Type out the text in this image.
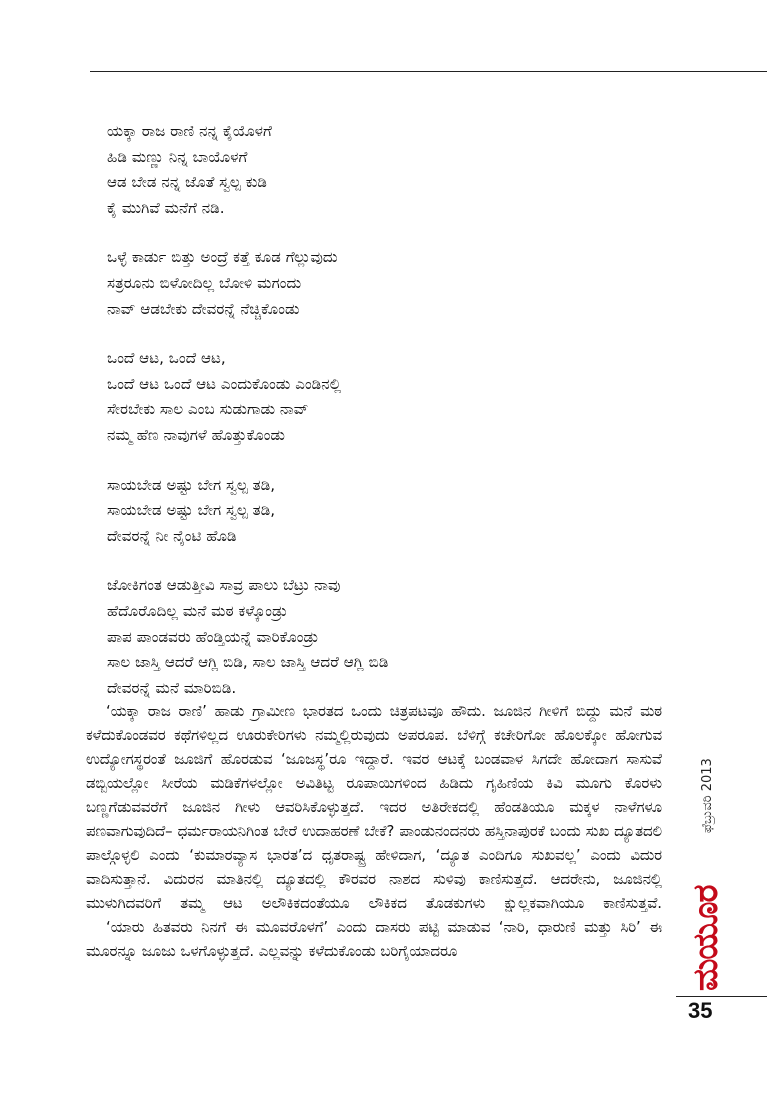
ಯಕ್ಕಾ ರಾಜ ರಾಣಿ ನನ್ನ ಕೈಯೊಳಗೆ
ಹಿಡಿ ಮಣ್ಣು ನಿನ್ನ ಬಾಯೊಳಗೆ
ಆಡ ಬೇಡ ನನ್ನ ಜೊತೆ ಸ್ವಲ್ಪ ಕುಡಿ
ಕೈ ಮುಗಿವೆ ಮನೆಗೆ ನಡಿ.
ಒಳ್ಳೆ ಕಾರ್ಡು ಬಿತ್ತು ಅಂದ್ರೆ ಕತ್ತೆ ಕೂಡ ಗೆಲ್ಲುವುದು
ಸತ್ರರೂನು ಬಿಳೋದಿಲ್ಲ ಬೋಳಿ ಮಗಂದು
ನಾವ್ ಆಡಬೇಕು ದೇವರನ್ನೆ ನೆಚ್ಚಿಕೊಂಡು
ಒಂದೆ ಆಟ, ಒಂದೆ ಆಟ,
ಒಂದೆ ಆಟ ಒಂದೆ ಆಟ ಎಂದುಕೊಂಡು ಎಂಡಿನಲ್ಲಿ
ಸೇರಬೇಕು ಸಾಲ ಎಂಬ ಸುಡುಗಾಡು ನಾವ್
ನಮ್ಮ ಹೆಣ ನಾವುಗಳೆ ಹೊತ್ತುಕೊಂಡು
ಸಾಯಬೇಡ ಅಷ್ಟು ಬೇಗ ಸ್ವಲ್ಪ ತಡಿ,
ಸಾಯಬೇಡ ಅಷ್ಟು ಬೇಗ ಸ್ವಲ್ಪ ತಡಿ,
ದೇವರನ್ನೆ ನೀ ನೈಂಟಿ ಹೊಡಿ
ಜೋಕಿಗಂತ ಆಡುತ್ತೀವಿ ಸಾವ್ರ ಪಾಲು ಬೆಟ್ರು ನಾವು
ಹೆದೊರೊದಿಲ್ಲ ಮನೆ ಮಠ ಕಳ್ಕೊಂಡ್ರು
ಪಾಪ ಪಾಂಡವರು ಹೆಂಡ್ತಿಯನ್ನೆ ವಾರಿಕೊಂಡ್ರು
ಸಾಲ ಜಾಸ್ತಿ ಆದರೆ ಆಗ್ಲಿ ಬಿಡಿ, ಸಾಲ ಜಾಸ್ತಿ ಆದರೆ ಆಗ್ಲಿ ಬಿಡಿ
ದೇವರನ್ನೆ ಮನೆ ಮಾರಿಬಿಡಿ.

‘ಯಕ್ಕಾ ರಾಜ ರಾಣಿ’ ಹಾಡು ಗ್ರಾಮೀಣ ಭಾರತದ ಒಂದು ಚಿತ್ರಪಟವೂ ಹೌದು. ಜೂಜಿನ ಗೀಳಿಗೆ ಬಿದ್ದು ಮನೆ ಮಠ ಕಳೆದುಕೊಂಡವರ ಕಥೆಗಳಿಲ್ಲದ ಊರುಕೇರಿಗಳು ನಮ್ಮಲ್ಲಿರುವುದು ಅಪರೂಪ. ಬೆಳಿಗ್ಗೆ ಕಚೇರಿಗೋ ಹೊಲಕ್ಕೋ ಹೋಗುವ ಉದ್ಯೋಗಸ್ಥರಂತೆ ಜೂಜಿಗೆ ಹೊರಡುವ ‘ಜೂಜಸ್ಥ’ರೂ ಇದ್ದಾರೆ. ಇವರ ಆಟಕ್ಕೆ ಬಂಡವಾಳ ಸಿಗದೇ ಹೋದಾಗ ಸಾಸುವೆ ಡಬ್ಬಿಯಲ್ಲೋ ಸೀರೆಯ ಮಡಿಕೆಗಳಲ್ಲೋ ಅವಿತಿಟ್ಟ ರೂಪಾಯಿಗಳಿಂದ ಹಿಡಿದು ಗೃಹಿಣಿಯ ಕಿವಿ ಮೂಗು ಕೊರಳು ಬಣ್ಣಗೆಡುವವರೆಗೆ ಜೂಜಿನ ಗೀಳು ಆವರಿಸಿಕೊಳ್ಳುತ್ತದೆ. ಇದರ ಅತಿರೇಕದಲ್ಲಿ ಹೆಂಡತಿಯೂ ಮಕ್ಕಳ ನಾಳೆಗಳೂ ಪಣವಾಗುವುದಿದೆ– ಧರ್ಮರಾಯನಿಗಿಂತ ಬೇರೆ ಉದಾಹರಣೆ ಬೇಕೆ? ಪಾಂಡುನಂದನರು ಹಸ್ತಿನಾಪುರಕೆ ಬಂದು ಸುಖ ದ್ಯೂತದಲಿ ಪಾಲ್ಗೊಳ್ಳಲಿ ಎಂದು ‘ಕುಮಾರವ್ಯಾಸ ಭಾರತ’ದ ಧೃತರಾಷ್ಟ್ರ ಹೇಳಿದಾಗ, ‘ದ್ಯೂತ ಎಂದಿಗೂ ಸುಖವಲ್ಲ’ ಎಂದು ವಿದುರ ವಾದಿಸುತ್ತಾನೆ. ವಿದುರನ ಮಾತಿನಲ್ಲಿ ದ್ಯೂತದಲ್ಲಿ ಕೌರವರ ನಾಶದ ಸುಳಿವು ಕಾಣಿಸುತ್ತದೆ. ಆದರೇನು, ಜೂಜಿನಲ್ಲಿ ಮುಳುಗಿದವರಿಗೆ ತಮ್ಮ ಆಟ ಅಲೌಕಿಕದಂತೆಯೂ ಲೌಕಿಕದ ತೊಡಕುಗಳು ಕ್ಷುಲ್ಲಕವಾಗಿಯೂ ಕಾಣಿಸುತ್ತವೆ.

‘ಯಾರು ಹಿತವರು ನಿನಗೆ ಈ ಮೂವರೊಳಗೆ’ ಎಂದು ದಾಸರು ಪಟ್ಟಿ ಮಾಡುವ ‘ನಾರಿ, ಧಾರುಣಿ ಮತ್ತು ಸಿರಿ’ ಈ ಮೂರನ್ನೂ ಜೂಜು ಒಳಗೊಳ್ಳುತ್ತದೆ. ಎಲ್ಲವನ್ನು ಕಳೆದುಕೊಂಡು ಬರಿಗೈಯಾದರೂ	ಮಯೂರ
ಫೆಬ್ರುವರಿ 2013
35
